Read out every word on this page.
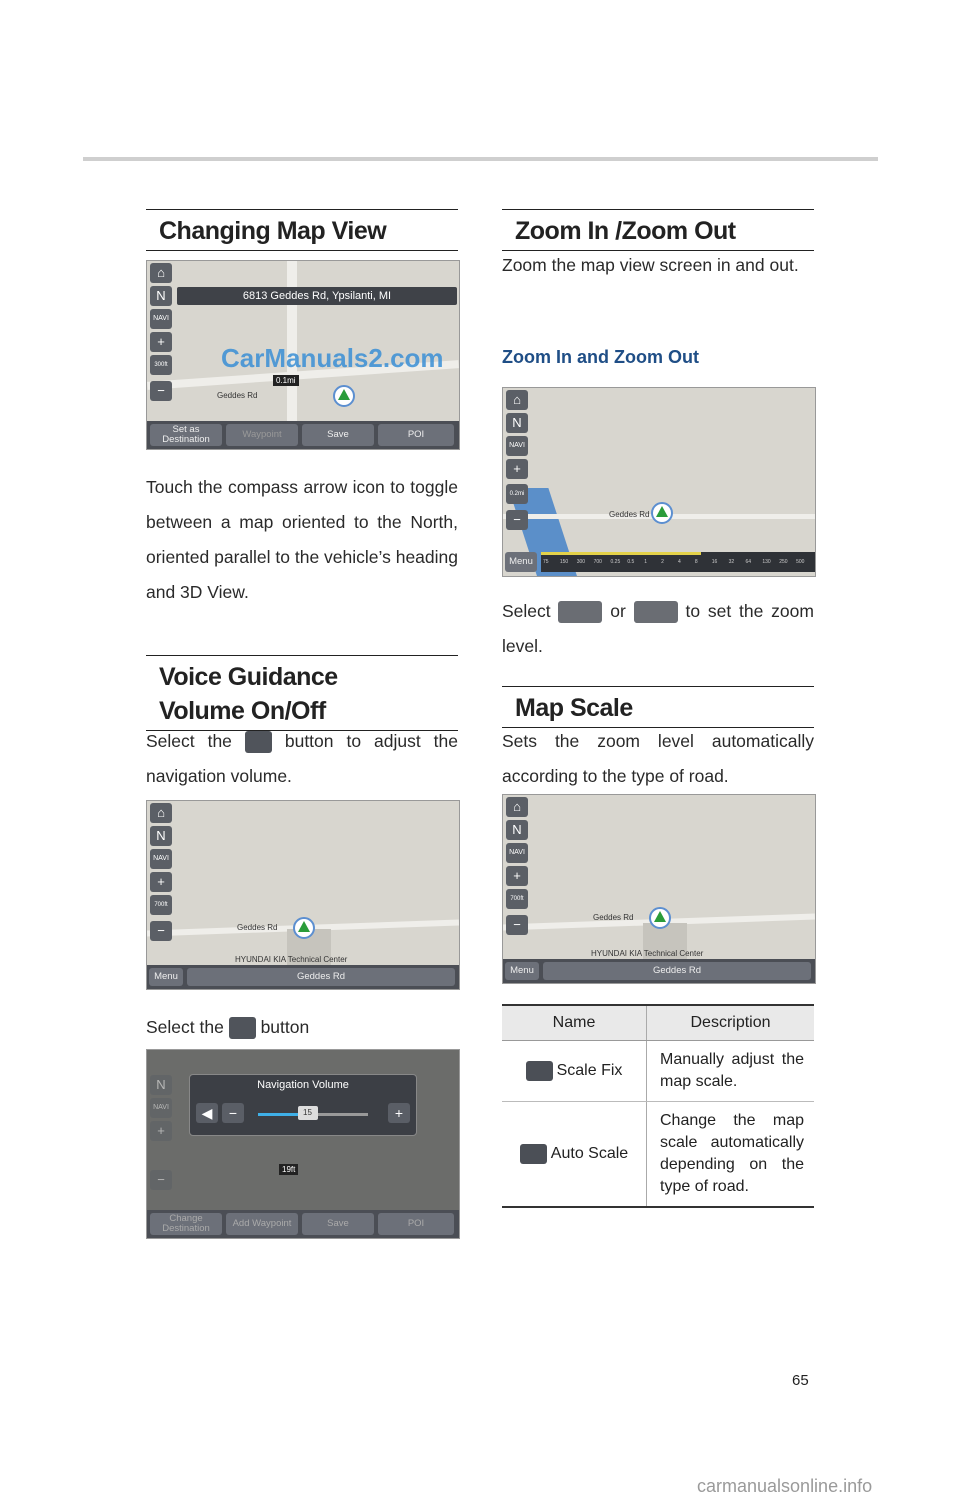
Changing Map View
⌂
N
NAVI
+
300ft
−
6813 Geddes Rd, Ypsilanti, MI
CarManuals2.com
Geddes Rd
0.1mi
Set as Destination	Waypoint	Save	POI
Touch the compass arrow icon to toggle between a map oriented to the North, oriented parallel to the vehicle’s heading and 3D View.
Voice Guidance
Volume On/Off
Select the	button to adjust the navigation volume.
⌂
N
NAVI
+
700ft
−	Geddes Rd
HYUNDAI KIA Technical Center
Menu	Geddes Rd
Select the button
N
NAVI
+
−
Navigation Volume
◀	−	15	+
19ft
Change Destination	Add Waypoint	Save	POI
Zoom In /Zoom Out
Zoom the map view screen in and out.
Zoom In and Zoom Out
⌂
N
NAVI
+
0.2mi
−	Geddes Rd
Menu	75 150 300 700 0.25 0.5 1	2	4	8	16 32 64 130 250 500
Select	or	to set the zoom level.
Map Scale
Sets the zoom level automatically according to the type of road.
⌂
N
NAVI
+
700ft
−	Geddes Rd
HYUNDAI KIA Technical Center
Menu	Geddes Rd
Name	Description
Scale Fix	Manually adjust the map scale.
Auto Scale	Change the map scale automatically depending on the type of road.
65
carmanualsonline.info
